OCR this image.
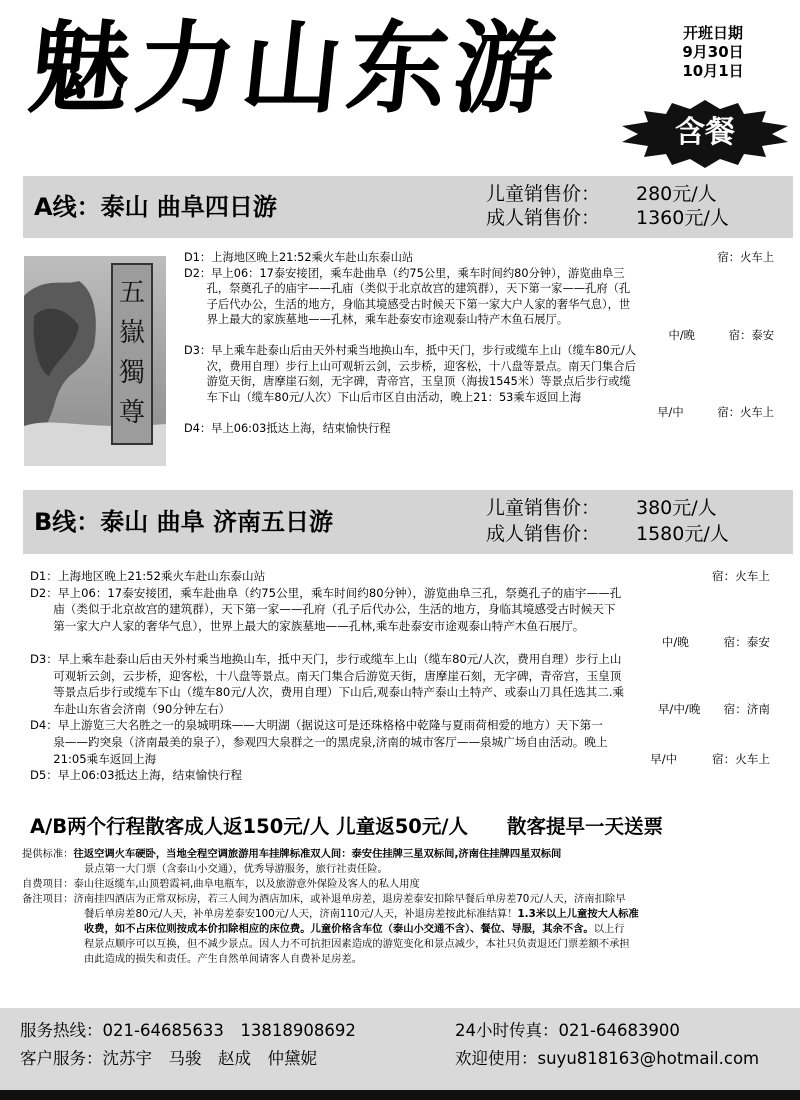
魅力山东游	开班日期
9月30日
10月1日
含餐
A线：泰山 曲阜四日游	儿童销售价： 280元/人
成人销售价： 1360元/人
五
嶽
獨
尊
D1：上海地区晚上21:52乘火车赴山东泰山站	宿：火车上
D2：早上06：17泰安接团，乘车赴曲阜（约75公里，乘车时间约80分钟），游览曲阜三
　　孔，祭奠孔子的庙宇——孔庙（类似于北京故宫的建筑群），天下第一家——孔府（孔
　　子后代办公，生活的地方，身临其境感受古时候天下第一家大户人家的奢华气息），世
　　界上最大的家族墓地——孔林，乘车赴泰安市途观泰山特产木鱼石展厅。
中/晚　　　宿：泰安
D3：早上乘车赴泰山后由天外村乘当地换山车，抵中天门，步行或缆车上山（缆车80元/人
　　次，费用自理）步行上山可观斩云剑，云步桥，迎客松，十八盘等景点。南天门集合后
　　游览天街，唐摩崖石刻，无字碑，青帝宫，玉皇顶（海拔1545米）等景点后步行或缆
　　车下山（缆车80元/人次）下山后市区自由活动，晚上21：53乘车返回上海
早/中　　　宿：火车上
D4：早上06:03抵达上海，结束愉快行程
B线：泰山 曲阜 济南五日游	儿童销售价： 380元/人
成人销售价： 1580元/人
D1：上海地区晚上21:52乘火车赴山东泰山站	宿：火车上
D2：早上06：17泰安接团，乘车赴曲阜（约75公里，乘车时间约80分钟），游览曲阜三孔，祭奠孔子的庙宇——孔
　　庙（类似于北京故宫的建筑群），天下第一家——孔府（孔子后代办公，生活的地方，身临其境感受古时候天下
　　第一家大户人家的奢华气息），世界上最大的家族墓地——孔林,乘车赴泰安市途观泰山特产木鱼石展厅。
中/晚　　　宿：泰安
D3：早上乘车赴泰山后由天外村乘当地换山车，抵中天门，步行或缆车上山（缆车80元/人次，费用自理）步行上山
　　可观斩云剑，云步桥，迎客松，十八盘等景点。南天门集合后游览天街，唐摩崖石刻，无字碑，青帝宫，玉皇顶
　　等景点后步行或缆车下山（缆车80元/人次，费用自理）下山后,观泰山特产泰山土特产、或泰山刀具任选其二.乘
　　车赴山东省会济南（90分钟左右）	早/中/晚　　宿：济南
D4：早上游览三大名胜之一的泉城明珠——大明湖（据说这可是还珠格格中乾隆与夏雨荷相爱的地方）天下第一
　　泉——趵突泉（济南最美的泉子），参观四大泉群之一的黑虎泉,济南的城市客厅——泉城广场自由活动。晚上
　　21:05乘车返回上海	早/中　　　宿：火车上
D5：早上06:03抵达上海，结束愉快行程
A/B两个行程散客成人返150元/人 儿童返50元/人　　散客提早一天送票
提供标准：往返空调火车硬卧，当地全程空调旅游用车挂牌标准双人间：泰安住挂牌三星双标间,济南住挂牌四星双标间
景点第一大门票（含泰山小交通），优秀导游服务，旅行社责任险。
自费项目：泰山往返缆车,山顶碧霞祠,曲阜电瓶车，以及旅游意外保险及客人的私人用度
备注项目：济南挂四酒店为正常双标房，若三人间为酒店加床，或补退单房差，退房差泰安扣除早餐后单房差70元/人天，济南扣除早
餐后单房差80元/人天，补单房差泰安100元/人天，济南110元/人天，补退房差按此标准结算！1.3米以上儿童按大人标准
收费，如不占床位则按成本价扣除相应的床位费。儿童价格含车位（泰山小交通不含）、餐位、导服，其余不含。以上行
程景点顺序可以互换，但不减少景点。因人力不可抗拒因素造成的游览变化和景点减少，本社只负责退还门票差额不承担
由此造成的损失和责任。产生自然单间请客人自费补足房差。
服务热线：021-64685633　13818908692	24小时传真：021-64683900
客户服务：沈苏宇　马骏　赵成　仲黛妮	欢迎使用：suyu818163@hotmail.com
